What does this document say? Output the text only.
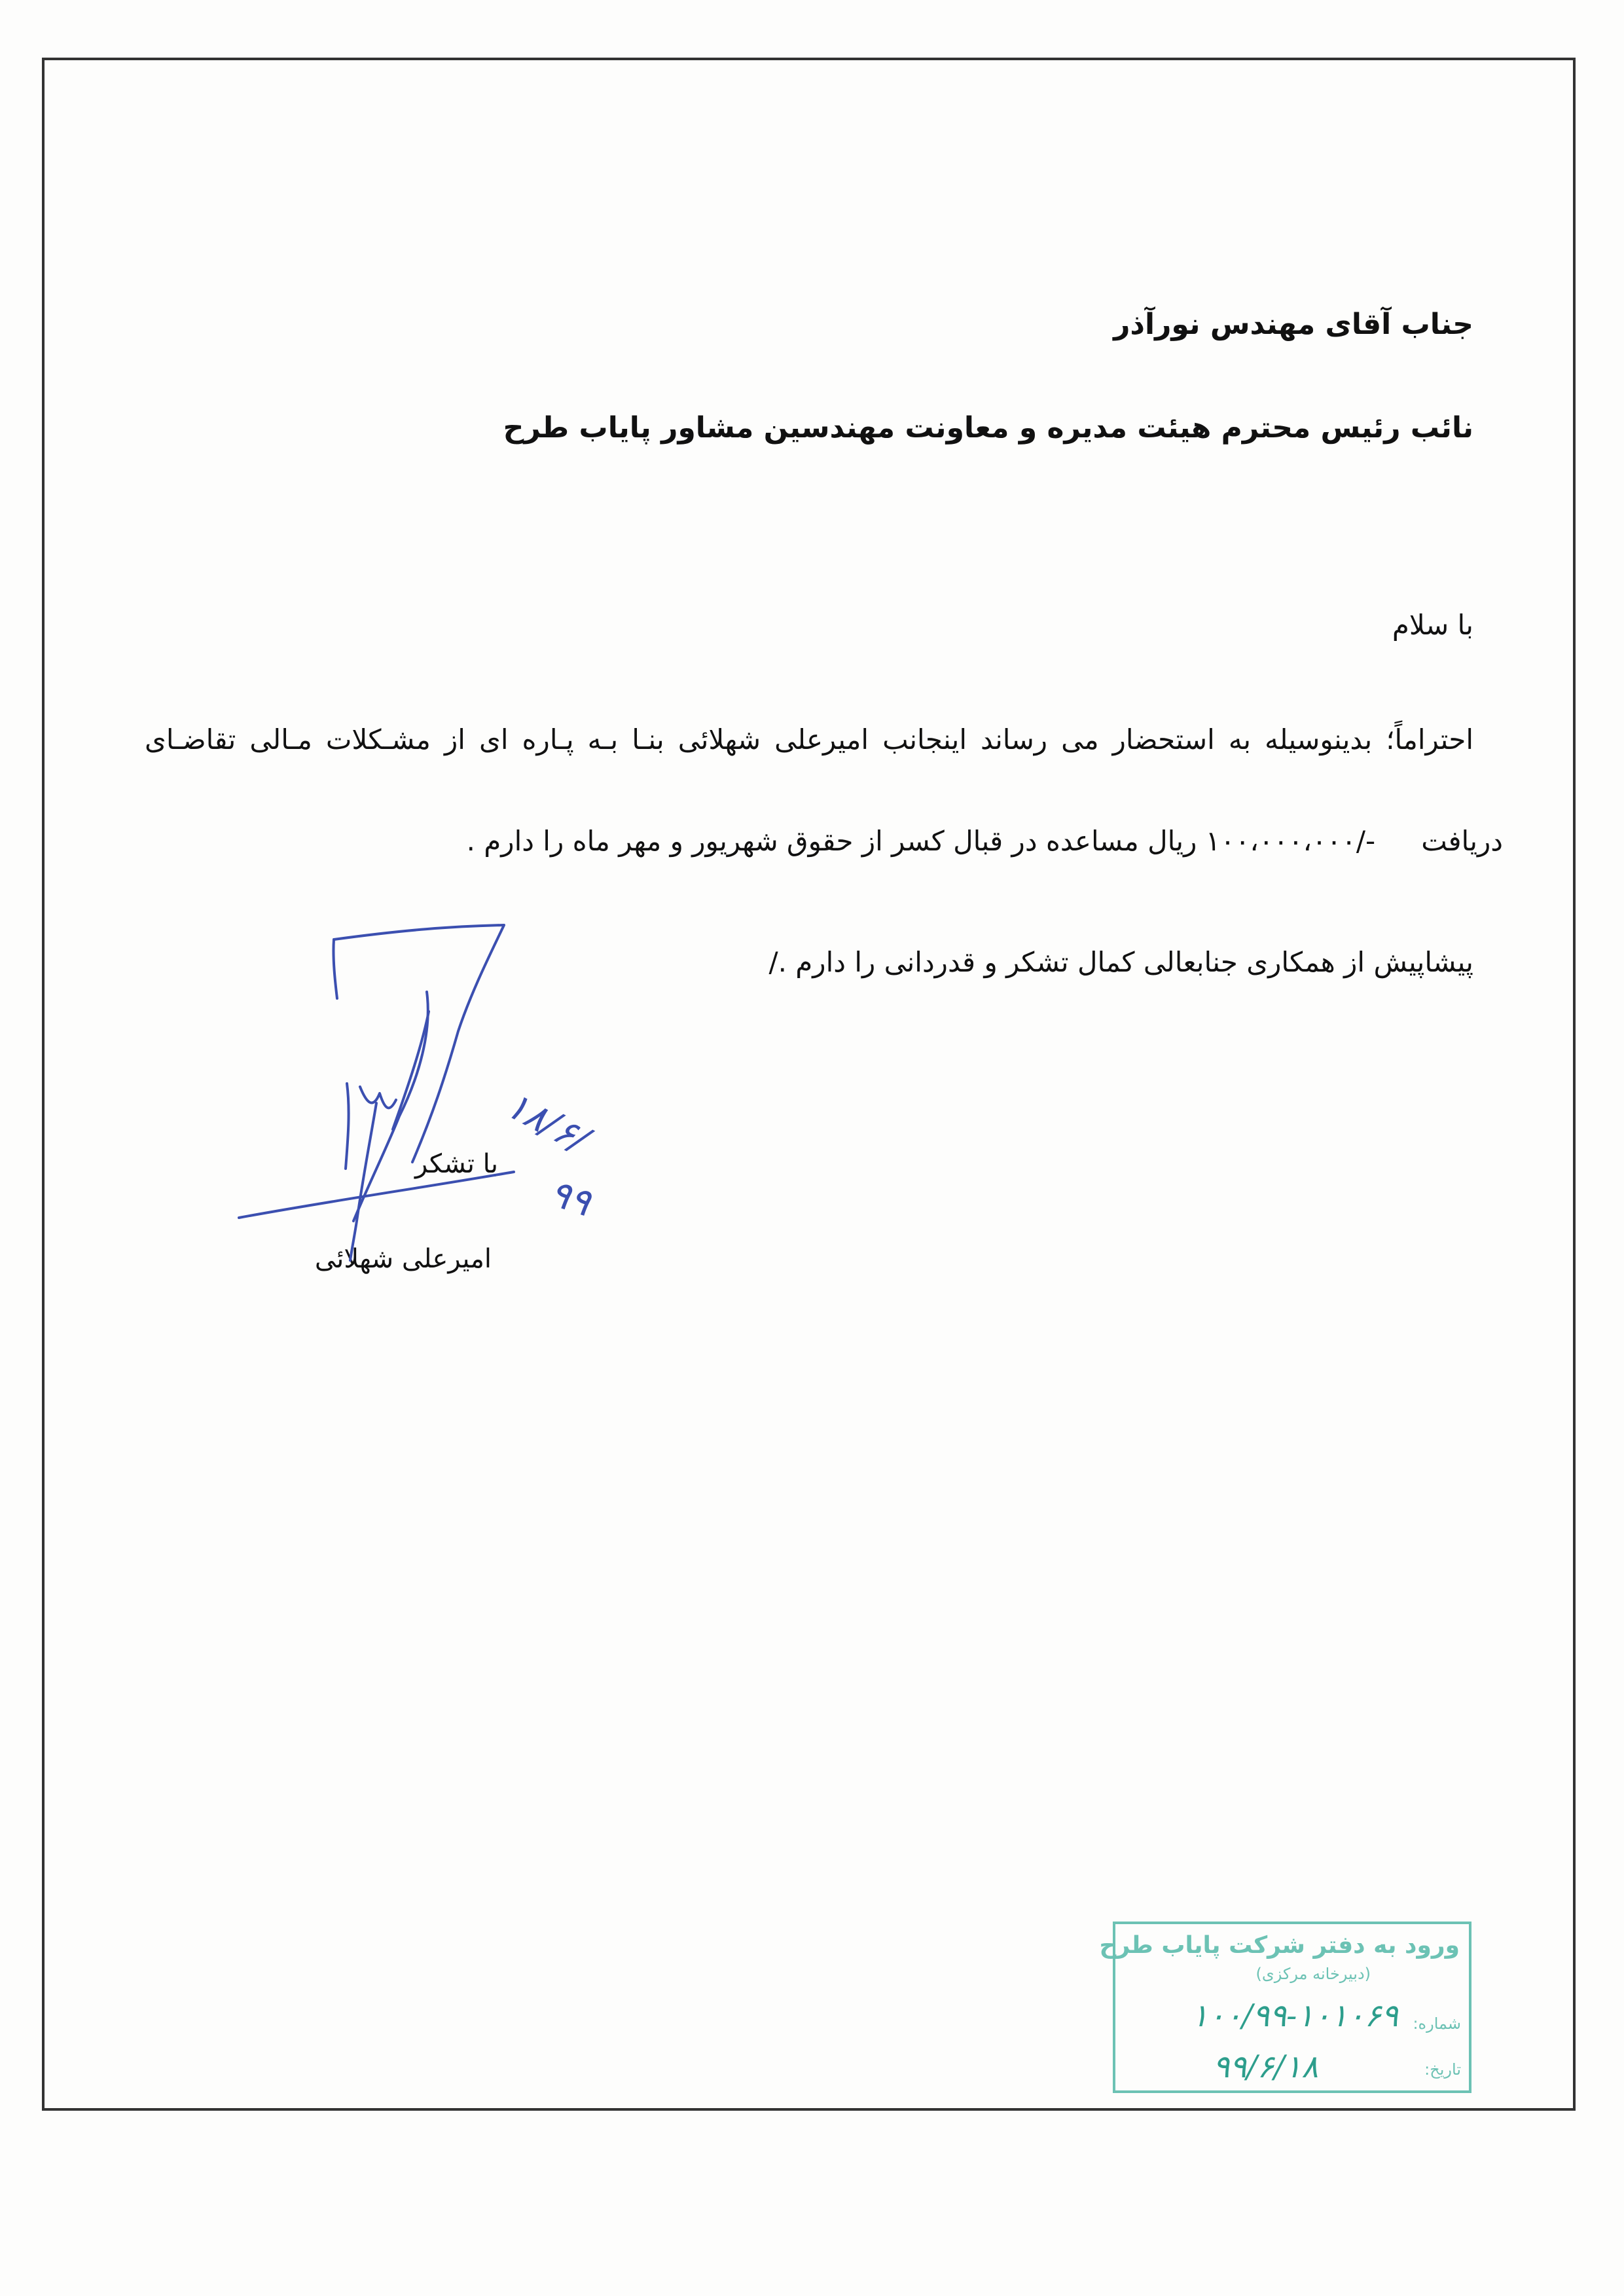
جناب آقای مهندس نورآذر
نائب رئیس محترم هیئت مدیره و معاونت مهندسین مشاور پایاب طرح
با سلام
احتراماً؛ بدینوسیله به استحضار می رساند اینجانب امیرعلی شهلائی بنـا بـه پـاره ای از مشـکلات مـالی تقاضـای
دریافت-/۱۰۰،۰۰۰،۰۰۰ ریال مساعده در قبال کسر از حقوق شهریور و مهر ماه را دارم .
پیشاپیش از همکاری جنابعالی کمال تشکر و قدردانی را دارم ./
با تشکر
امیرعلی شهلائی
۱۸/۶/
۹۹
ورود به دفتر شرکت پایاب طرح
(دبیرخانه مرکزی)
شماره:
۱۰۰/۹۹-۱۰۱۰۶۹
تاریخ:
۹۹/۶/۱۸
